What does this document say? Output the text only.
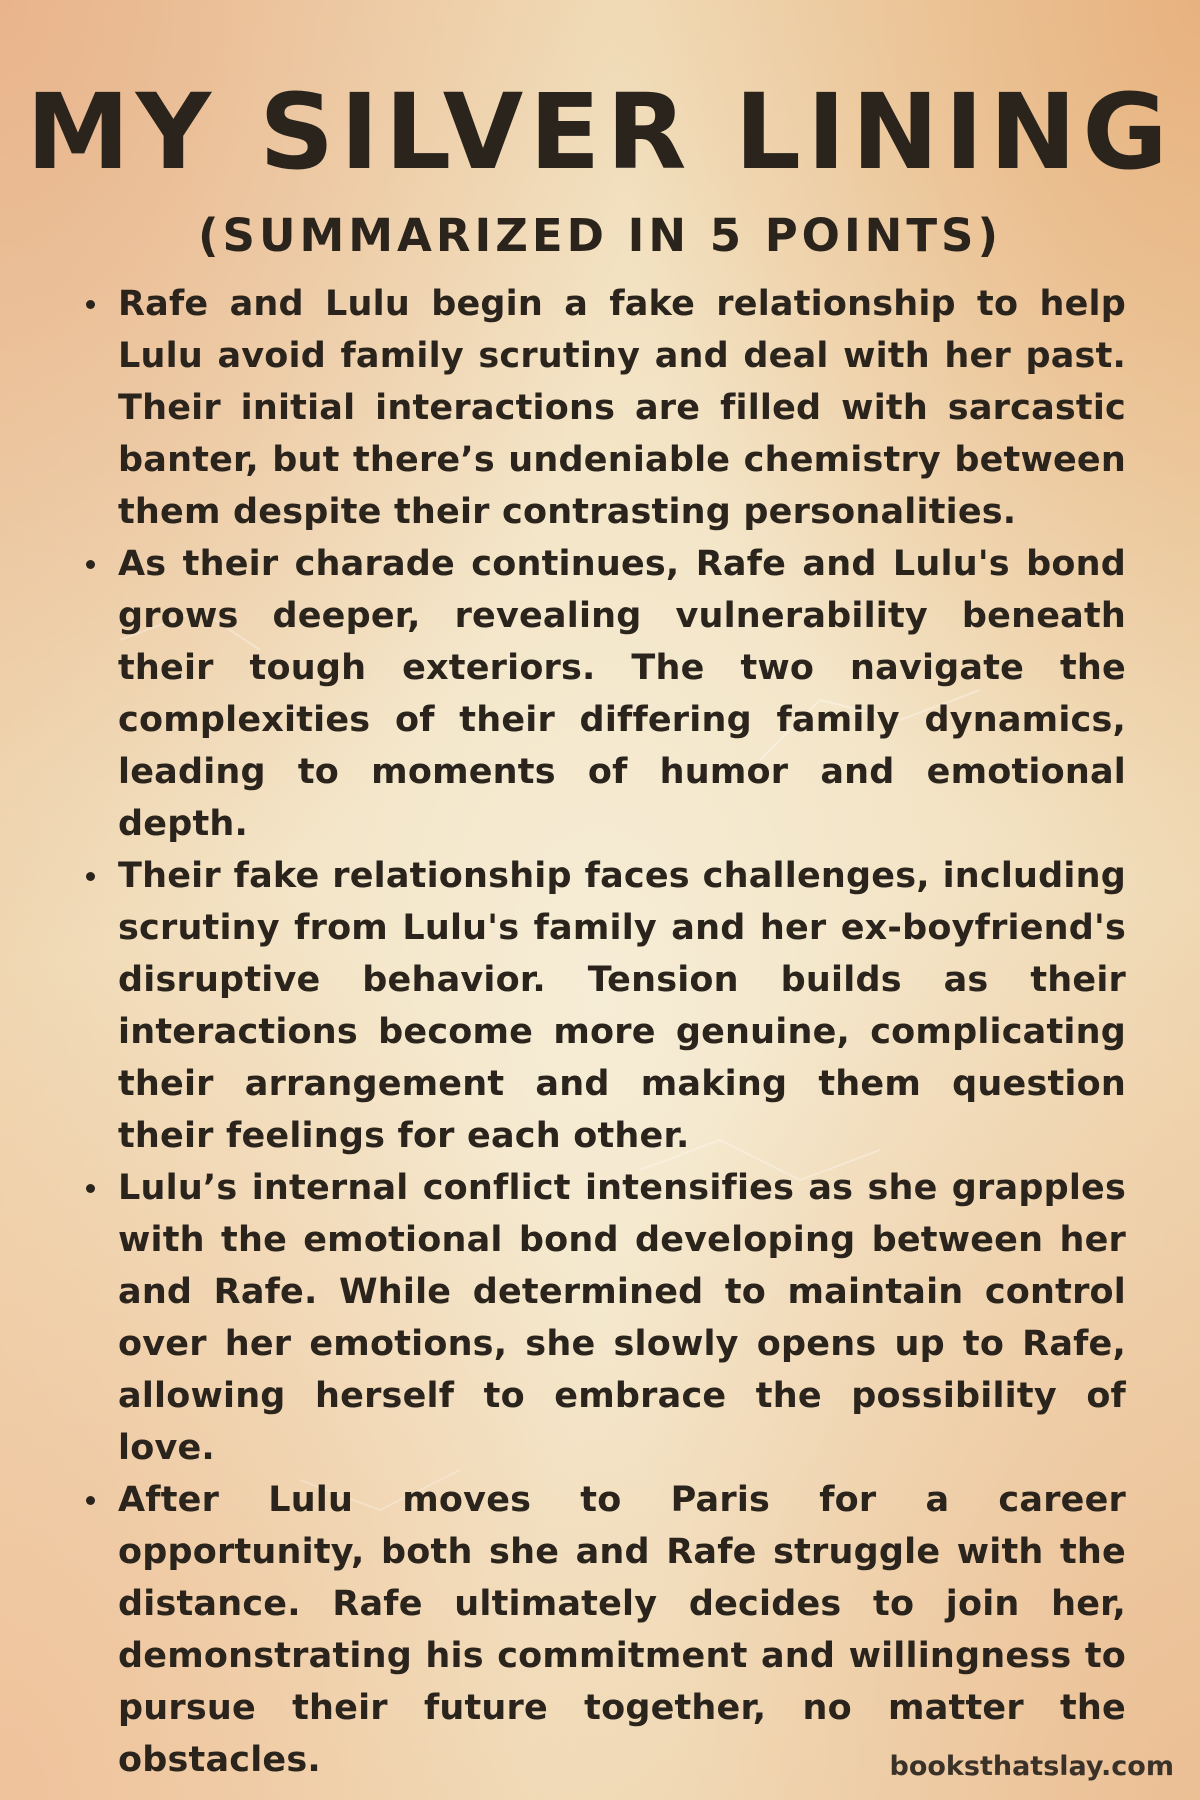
MY SILVER LINING
(SUMMARIZED IN 5 POINTS)
Rafe and Lulu begin a fake relationship to help Lulu avoid family scrutiny and deal with her past. Their initial interactions are filled with sarcastic banter, but there’s undeniable chemistry between them despite their contrasting personalities.
As their charade continues, Rafe and Lulu's bond grows deeper, revealing vulnerability beneath their tough exteriors. The two navigate the complexities of their differing family dynamics, leading to moments of humor and emotional depth.
Their fake relationship faces challenges, including scrutiny from Lulu's family and her ex-boyfriend's disruptive behavior. Tension builds as their interactions become more genuine, complicating their arrangement and making them question their feelings for each other.
Lulu’s internal conflict intensifies as she grapples with the emotional bond developing between her and Rafe. While determined to maintain control over her emotions, she slowly opens up to Rafe, allowing herself to embrace the possibility of love.
After Lulu moves to Paris for a career opportunity, both she and Rafe struggle with the distance. Rafe ultimately decides to join her, demonstrating his commitment and willingness to pursue their future together, no matter the obstacles.	booksthatslay.com
